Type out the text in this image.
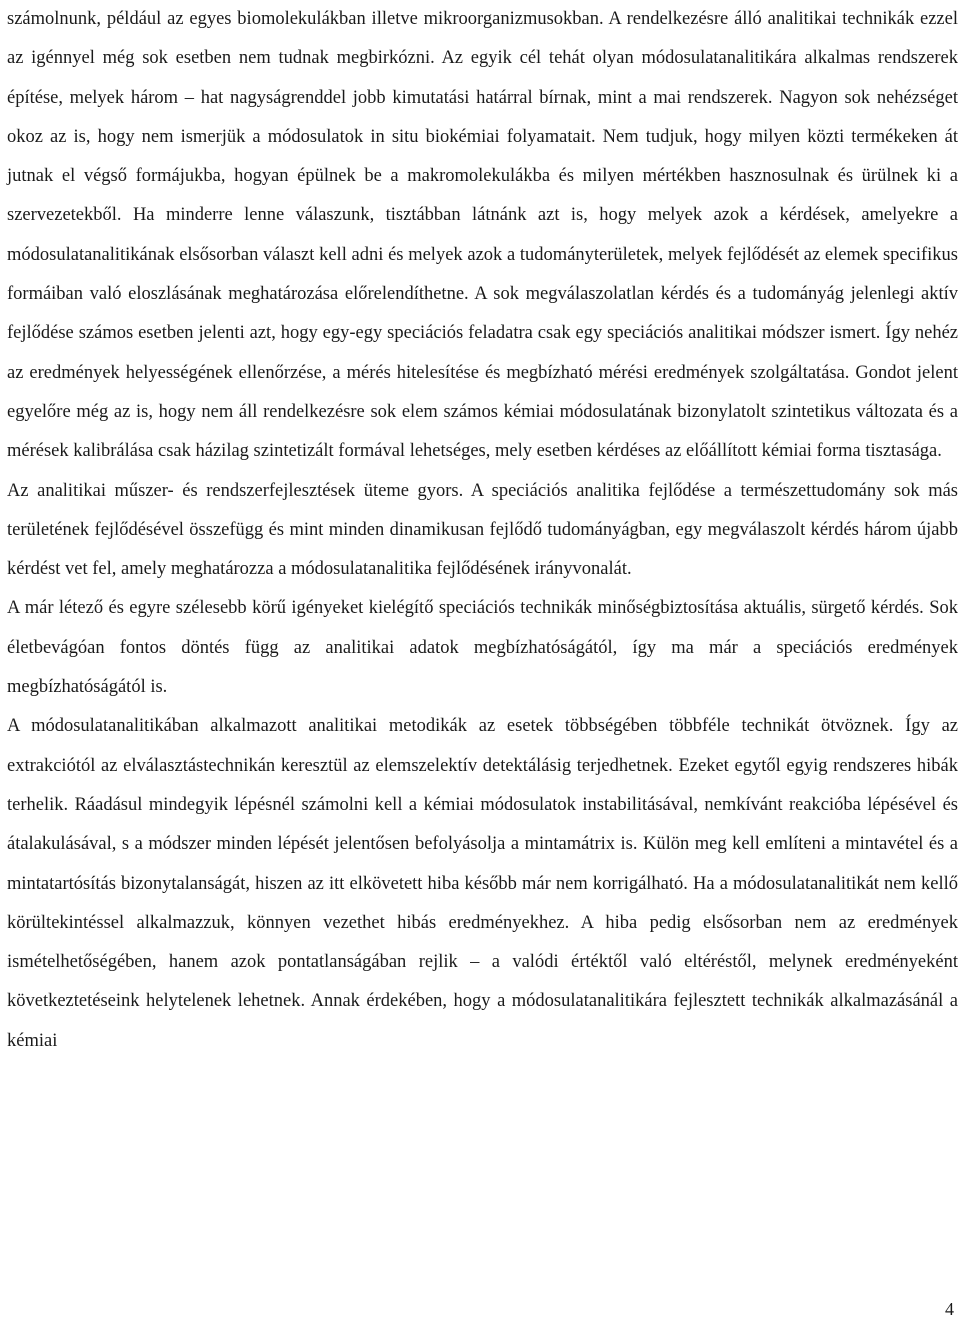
számolnunk, például az egyes biomolekulákban illetve mikroorganizmusokban. A rendelkezésre álló analitikai technikák ezzel az igénnyel még sok esetben nem tudnak megbirkózni. Az egyik cél tehát olyan módosulatanalitikára alkalmas rendszerek építése, melyek három – hat nagyságrenddel jobb kimutatási határral bírnak, mint a mai rendszerek. Nagyon sok nehézséget okoz az is, hogy nem ismerjük a módosulatok in situ biokémiai folyamatait. Nem tudjuk, hogy milyen közti termékeken át jutnak el végső formájukba, hogyan épülnek be a makromolekulákba és milyen mértékben hasznosulnak és ürülnek ki a szervezetekből. Ha minderre lenne válaszunk, tisztábban látnánk azt is, hogy melyek azok a kérdések, amelyekre a módosulatanalitikának elsősorban választ kell adni és melyek azok a tudományterületek, melyek fejlődését az elemek specifikus formáiban való eloszlásának meghatározása előrelendíthetne. A sok megválaszolatlan kérdés és a tudományág jelenlegi aktív fejlődése számos esetben jelenti azt, hogy egy-egy speciációs feladatra csak egy speciációs analitikai módszer ismert. Így nehéz az eredmények helyességének ellenőrzése, a mérés hitelesítése és megbízható mérési eredmények szolgáltatása. Gondot jelent egyelőre még az is, hogy nem áll rendelkezésre sok elem számos kémiai módosulatának bizonylatolt szintetikus változata és a mérések kalibrálása csak házilag szintetizált formával lehetséges, mely esetben kérdéses az előállított kémiai forma tisztasága.

Az analitikai műszer- és rendszerfejlesztések üteme gyors. A speciációs analitika fejlődése a természettudomány sok más területének fejlődésével összefügg és mint minden dinamikusan fejlődő tudományágban, egy megválaszolt kérdés három újabb kérdést vet fel, amely meghatározza a módosulatanalitika fejlődésének irányvonalát.

A már létező és egyre szélesebb körű igényeket kielégítő speciációs technikák minőségbiztosítása aktuális, sürgető kérdés. Sok életbevágóan fontos döntés függ az analitikai adatok megbízhatóságától, így ma már a speciációs eredmények megbízhatóságától is.

A módosulatanalitikában alkalmazott analitikai metodikák az esetek többségében többféle technikát ötvöznek. Így az extrakciótól az elválasztástechnikán keresztül az elemszelektív detektálásig terjedhetnek. Ezeket egytől egyig rendszeres hibák terhelik. Ráadásul mindegyik lépésnél számolni kell a kémiai módosulatok instabilitásával, nemkívánt reakcióba lépésével és átalakulásával, s a módszer minden lépését jelentősen befolyásolja a mintamátrix is. Külön meg kell említeni a mintavétel és a mintatartósítás bizonytalanságát, hiszen az itt elkövetett hiba később már nem korrigálható. Ha a módosulatanalitikát nem kellő körültekintéssel alkalmazzuk, könnyen vezethet hibás eredményekhez. A hiba pedig elsősorban nem az eredmények ismételhetőségében, hanem azok pontatlanságában rejlik – a valódi értéktől való eltéréstől, melynek eredményeként következtetéseink helytelenek lehetnek. Annak érdekében, hogy a módosulatanalitikára fejlesztett technikák alkalmazásánál a kémiai

4
